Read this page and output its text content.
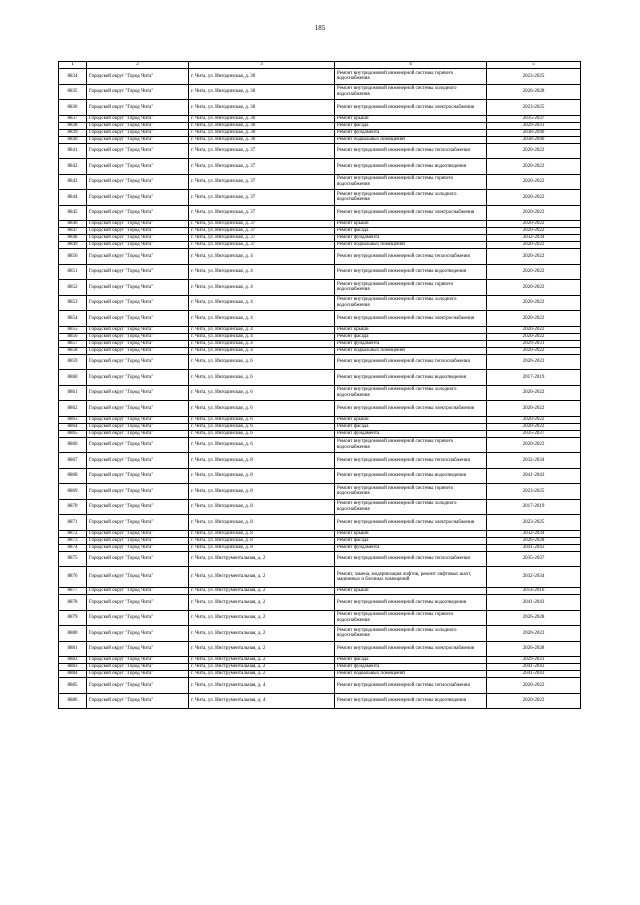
185
1	2	3	4	5
8834	Городской округ "Город Чита"	г. Чита, ул. Ингодинская, д. 30	Ремонт внутридомовой инженерной системы горячего водоснабжения	2023-2025
8835	Городской округ "Город Чита"	г. Чита, ул. Ингодинская, д. 30	Ремонт внутридомовой инженерной системы холодного водоснабжения	2026-2028
8836	Городской округ "Город Чита"	г. Чита, ул. Ингодинская, д. 30	Ремонт внутридомовой инженерной системы электроснабжения	2023-2025
8837	Городской округ "Город Чита"	г. Чита, ул. Ингодинская, д. 30	Ремонт крыши	2035-2037
8838	Городской округ "Город Чита"	г. Чита, ул. Ингодинская, д. 30	Ремонт фасада	2029-2031
8839	Городской округ "Город Чита"	г. Чита, ул. Ингодинская, д. 30	Ремонт фундамента	2038-2040
8840	Городской округ "Город Чита"	г. Чита, ул. Ингодинская, д. 30	Ремонт подвальных помещений	2038-2040
8841	Городской округ "Город Чита"	г. Чита, ул. Ингодинская, д. 37	Ремонт внутридомовой инженерной системы теплоснабжения	2020-2022
8842	Городской округ "Город Чита"	г. Чита, ул. Ингодинская, д. 37	Ремонт внутридомовой инженерной системы водоотведения	2020-2022
8843	Городской округ "Город Чита"	г. Чита, ул. Ингодинская, д. 37	Ремонт внутридомовой инженерной системы горячего водоснабжения	2020-2022
8844	Городской округ "Город Чита"	г. Чита, ул. Ингодинская, д. 37	Ремонт внутридомовой инженерной системы холодного водоснабжения	2020-2022
8845	Городской округ "Город Чита"	г. Чита, ул. Ингодинская, д. 37	Ремонт внутридомовой инженерной системы электроснабжения	2020-2022
8846	Городской округ "Город Чита"	г. Чита, ул. Ингодинская, д. 37	Ремонт крыши	2020-2022
8847	Городской округ "Город Чита"	г. Чита, ул. Ингодинская, д. 37	Ремонт фасада	2020-2022
8848	Городской округ "Город Чита"	г. Чита, ул. Ингодинская, д. 37	Ремонт фундамента	2032-2034
8849	Городской округ "Город Чита"	г. Чита, ул. Ингодинская, д. 37	Ремонт подвальных помещений	2020-2022
8850	Городской округ "Город Чита"	г. Чита, ул. Ингодинская, д. 4	Ремонт внутридомовой инженерной системы теплоснабжения	2020-2022
8851	Городской округ "Город Чита"	г. Чита, ул. Ингодинская, д. 4	Ремонт внутридомовой инженерной системы водоотведения	2020-2022
8852	Городской округ "Город Чита"	г. Чита, ул. Ингодинская, д. 4	Ремонт внутридомовой инженерной системы горячего водоснабжения	2020-2022
8853	Городской округ "Город Чита"	г. Чита, ул. Ингодинская, д. 4	Ремонт внутридомовой инженерной системы холодного водоснабжения	2020-2022
8854	Городской округ "Город Чита"	г. Чита, ул. Ингодинская, д. 4	Ремонт внутридомовой инженерной системы электроснабжения	2020-2022
8855	Городской округ "Город Чита"	г. Чита, ул. Ингодинская, д. 4	Ремонт крыши	2020-2022
8856	Городской округ "Город Чита"	г. Чита, ул. Ингодинская, д. 4	Ремонт фасада	2020-2022
8857	Городской округ "Город Чита"	г. Чита, ул. Ингодинская, д. 4	Ремонт фундамента	2029-2031
8858	Городской округ "Город Чита"	г. Чита, ул. Ингодинская, д. 4	Ремонт подвальных помещений	2020-2022
8859	Городской округ "Город Чита"	г. Чита, ул. Ингодинская, д. 6	Ремонт внутридомовой инженерной системы теплоснабжения	2020-2022
8860	Городской округ "Город Чита"	г. Чита, ул. Ингодинская, д. 6	Ремонт внутридомовой инженерной системы водоотведения	2017-2019
8861	Городской округ "Город Чита"	г. Чита, ул. Ингодинская, д. 6	Ремонт внутридомовой инженерной системы холодного водоснабжения	2020-2022
8862	Городской округ "Город Чита"	г. Чита, ул. Ингодинская, д. 6	Ремонт внутридомовой инженерной системы электроснабжения	2020-2022
8863	Городской округ "Город Чита"	г. Чита, ул. Ингодинская, д. 6	Ремонт крыши	2020-2022
8864	Городской округ "Город Чита"	г. Чита, ул. Ингодинская, д. 6	Ремонт фасада	2020-2022
8865	Городской округ "Город Чита"	г. Чита, ул. Ингодинская, д. 6	Ремонт фундамента	2035-2037
8866	Городской округ "Город Чита"	г. Чита, ул. Ингодинская, д. 6	Ремонт внутридомовой инженерной системы горячего водоснабжения	2020-2022
8867	Городской округ "Город Чита"	г. Чита, ул. Ингодинская, д. 8	Ремонт внутридомовой инженерной системы теплоснабжения	2032-2034
8868	Городской округ "Город Чита"	г. Чита, ул. Ингодинская, д. 8	Ремонт внутридомовой инженерной системы водоотведения	2041-2043
8869	Городской округ "Город Чита"	г. Чита, ул. Ингодинская, д. 8	Ремонт внутридомовой инженерной системы горячего водоснабжения	2023-2025
8870	Городской округ "Город Чита"	г. Чита, ул. Ингодинская, д. 8	Ремонт внутридомовой инженерной системы холодного водоснабжения	2017-2019
8871	Городской округ "Город Чита"	г. Чита, ул. Ингодинская, д. 8	Ремонт внутридомовой инженерной системы электроснабжения	2023-2025
8872	Городской округ "Город Чита"	г. Чита, ул. Ингодинская, д. 8	Ремонт крыши	2032-2034
8873	Городской округ "Город Чита"	г. Чита, ул. Ингодинская, д. 8	Ремонт фасада	2026-2028
8874	Городской округ "Город Чита"	г. Чита, ул. Ингодинская, д. 8	Ремонт фундамента	2041-2043
8875	Городской округ "Город Чита"	г. Чита, ул. Инструментальная, д. 2	Ремонт внутридомовой инженерной системы теплоснабжения	2035-2037
8876	Городской округ "Город Чита"	г. Чита, ул. Инструментальная, д. 2	Ремонт, замена, модернизация лифтов, ремонт лифтовых шахт, машинных и блочных помещений	2032-2034
8877	Городской округ "Город Чита"	г. Чита, ул. Инструментальная, д. 2	Ремонт крыши	2014-2016
8878	Городской округ "Город Чита"	г. Чита, ул. Инструментальная, д. 2	Ремонт внутридомовой инженерной системы водоотведения	2041-2043
8879	Городской округ "Город Чита"	г. Чита, ул. Инструментальная, д. 2	Ремонт внутридомовой инженерной системы горячего водоснабжения	2026-2028
8880	Городской округ "Город Чита"	г. Чита, ул. Инструментальная, д. 2	Ремонт внутридомовой инженерной системы холодного водоснабжения	2020-2022
8881	Городской округ "Город Чита"	г. Чита, ул. Инструментальная, д. 2	Ремонт внутридомовой инженерной системы электроснабжения	2026-2028
8882	Городской округ "Город Чита"	г. Чита, ул. Инструментальная, д. 2	Ремонт фасада	2029-2031
8883	Городской округ "Город Чита"	г. Чита, ул. Инструментальная, д. 2	Ремонт фундамента	2041-2043
8884	Городской округ "Город Чита"	г. Чита, ул. Инструментальная, д. 2	Ремонт подвальных помещений	2041-2043
8885	Городской округ "Город Чита"	г. Чита, ул. Инструментальная, д. 4	Ремонт внутридомовой инженерной системы теплоснабжения	2020-2022
8886	Городской округ "Город Чита"	г. Чита, ул. Инструментальная, д. 4	Ремонт внутридомовой инженерной системы водоотведения	2020-2022
